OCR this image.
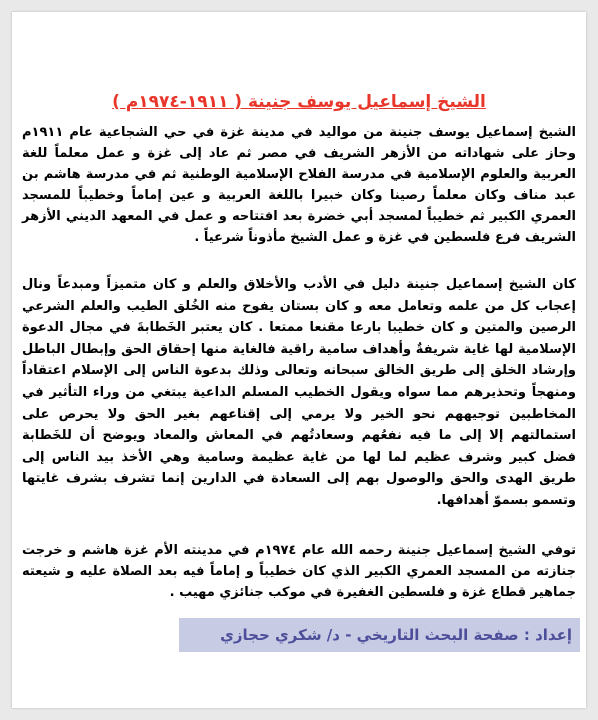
الشيخ إسماعيل يوسف جنينة ( ١٩١١-١٩٧٤م )

الشيخ إسماعيل يوسف جنينة من مواليد في مدينة غزة في حي الشجاعية عام ١٩١١م وحاز على شهاداته من الأزهر الشريف في مصر ثم عاد إلى غزة و عمل معلماً للغة العربية والعلوم الإسلامية في مدرسة الفلاح الإسلامية الوطنية ثم في مدرسة هاشم بن عبد مناف وكان معلماً رصينا وكان خبيرا باللغة العربية و عين إماماً وخطيباً للمسجد العمري الكبير ثم خطيباً لمسجد أبي خضرة بعد افتتاحه و عمل في المعهد الديني الأزهر الشريف فرع فلسطين في غزة و عمل الشيخ مأذوناً شرعياً .

كان الشيخ إسماعيل جنينة دليل في الأدب والأخلاق والعلم و كان متميزاً ومبدعاً ونال إعجاب كل من علمه وتعامل معه و كان بستان يفوح منه الخُلق الطيب والعلم الشرعي الرصين والمتين و كان خطيبا بارعا مقنعا ممتعا . كان يعتبر الخَطابةَ في مجال الدعوة الإسلامية لها غاية شريفةٌ وأهداف سامية راقية فالغاية منها إحقاق الحق وإبطال الباطل وإرشاد الخلق إلى طريق الخالق سبحانه وتعالى وذلك بدعوة الناس إلى الإسلام اعتقاداً ومنهجاً وتحذيرهم مما سواه ويقول الخطيب المسلم الداعية يبتغي من وراء التأثير في المخاطبين توجيههم نحو الخير ولا يرمي إلى إقناعهم بغير الحق ولا يحرص على استمالتهم إلا إلى ما فيه نفعُهم وسعادتُهم في المعاش والمعاد ويوضح أن للخَطابة فضل كبير وشرف عظيم لما لها من غاية عظيمة وسامية وهي الأخذ بيد الناس إلى طريق الهدى والحق والوصول بهم إلى السعادة في الدارين إنما تشرف بشرف غايتها وتسمو بسموّ أهدافها.

توفي الشيخ إسماعيل جنينة رحمه الله عام ١٩٧٤م في مدينته الأم غزة هاشم و خرجت جنازته من المسجد العمري الكبير الذي كان خطيباً و إماماً فيه بعد الصلاة عليه و شيعته جماهير قطاع غزة و فلسطين الغفيرة في موكب جنائزي مهيب .

إعداد : صفحة البحث التاريخي - د/ شكري حجازي
